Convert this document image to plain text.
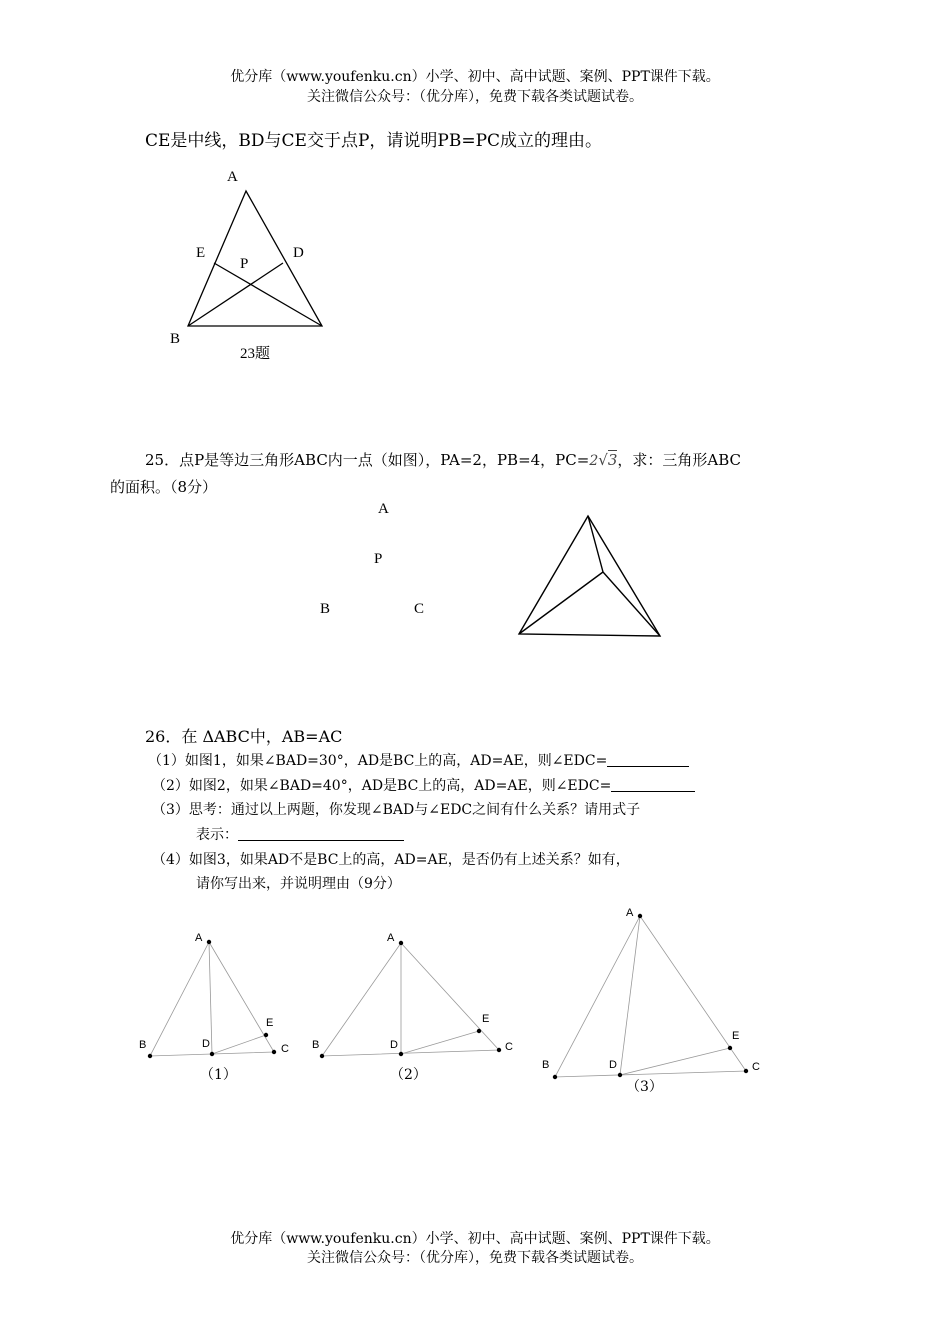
优分库（www.youfenku.cn）小学、初中、高中试题、案例、PPT课件下载。
关注微信公众号：（优分库），免费下载各类试题试卷。
CE是中线，BD与CE交于点P，请说明PB=PC成立的理由。
A
E
P
D
B
23题
25．点P是等边三角形ABC内一点（如图），PA=2，PB=4，PC=2√3，求：三角形ABC
的面积。（8分）
A
P
B	C
26．在 ΔABC中，AB=AC
（1）如图1，如果∠BAD=30°，AD是BC上的高，AD=AE，则∠EDC=
（2）如图2，如果∠BAD=40°，AD是BC上的高，AD=AE，则∠EDC=
（3）思考：通过以上两题，你发现∠BAD与∠EDC之间有什么关系？请用式子
表示：
（4）如图3，如果AD不是BC上的高，AD=AE，是否仍有上述关系？如有，
请你写出来，并说明理由（9分）
A
B	D
E
C
（1）
A
B	D
E
C
（2）
A
B	D
E
C
（3）
优分库（www.youfenku.cn）小学、初中、高中试题、案例、PPT课件下载。
关注微信公众号：（优分库），免费下载各类试题试卷。
